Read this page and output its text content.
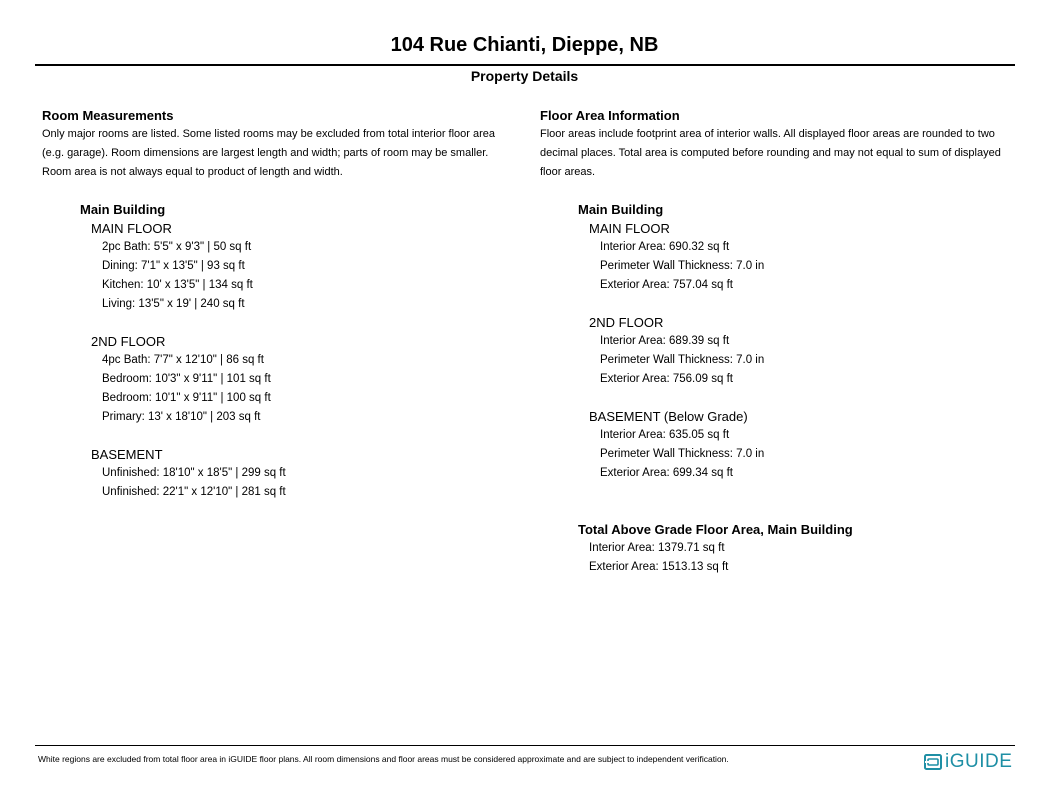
104 Rue Chianti, Dieppe, NB
Property Details

Room Measurements

Only major rooms are listed. Some listed rooms may be excluded from total interior floor area (e.g. garage). Room dimensions are largest length and width; parts of room may be smaller. Room area is not always equal to product of length and width.

Main Building
MAIN FLOOR
2pc Bath: 5'5" x 9'3" | 50 sq ft
Dining: 7'1" x 13'5" | 93 sq ft
Kitchen: 10' x 13'5" | 134 sq ft
Living: 13'5" x 19' | 240 sq ft
2ND FLOOR
4pc Bath: 7'7" x 12'10" | 86 sq ft
Bedroom: 10'3" x 9'11" | 101 sq ft
Bedroom: 10'1" x 9'11" | 100 sq ft
Primary: 13' x 18'10" | 203 sq ft
BASEMENT
Unfinished: 18'10" x 18'5" | 299 sq ft
Unfinished: 22'1" x 12'10" | 281 sq ft

Floor Area Information

Floor areas include footprint area of interior walls. All displayed floor areas are rounded to two decimal places. Total area is computed before rounding and may not equal to sum of displayed floor areas.

Main Building
MAIN FLOOR
Interior Area: 690.32 sq ft
Perimeter Wall Thickness: 7.0 in
Exterior Area: 757.04 sq ft
2ND FLOOR
Interior Area: 689.39 sq ft
Perimeter Wall Thickness: 7.0 in
Exterior Area: 756.09 sq ft
BASEMENT (Below Grade)
Interior Area: 635.05 sq ft
Perimeter Wall Thickness: 7.0 in
Exterior Area: 699.34 sq ft
Total Above Grade Floor Area, Main Building
Interior Area: 1379.71 sq ft
Exterior Area: 1513.13 sq ft
White regions are excluded from total floor area in iGUIDE floor plans. All room dimensions and floor areas must be considered approximate and are subject to independent verification.	iGUIDE
